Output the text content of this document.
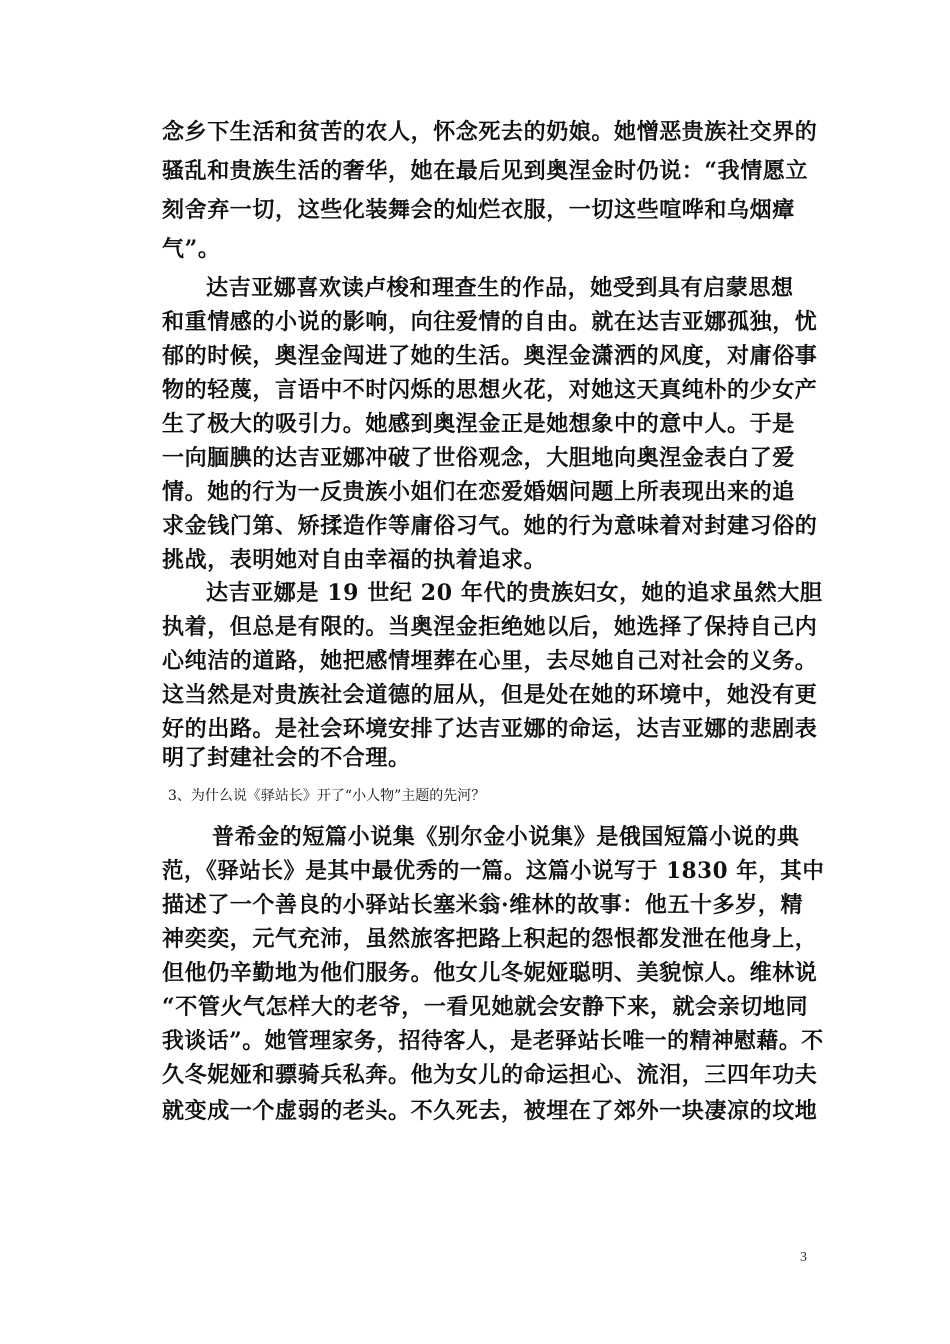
念乡下生活和贫苦的农人，怀念死去的奶娘。她憎恶贵族社交界的
骚乱和贵族生活的奢华，她在最后见到奥涅金时仍说：“我情愿立
刻舍弃一切，这些化装舞会的灿烂衣服，一切这些喧哗和乌烟瘴
气”。
达吉亚娜喜欢读卢梭和理查生的作品，她受到具有启蒙思想
和重情感的小说的影响，向往爱情的自由。就在达吉亚娜孤独，忧
郁的时候，奥涅金闯进了她的生活。奥涅金潇洒的风度，对庸俗事
物的轻蔑，言语中不时闪烁的思想火花，对她这天真纯朴的少女产
生了极大的吸引力。她感到奥涅金正是她想象中的意中人。于是
一向腼腆的达吉亚娜冲破了世俗观念，大胆地向奥涅金表白了爱
情。她的行为一反贵族小姐们在恋爱婚姻问题上所表现出来的追
求金钱门第、矫揉造作等庸俗习气。她的行为意味着对封建习俗的
挑战，表明她对自由幸福的执着追求。
达吉亚娜是 19 世纪 20 年代的贵族妇女，她的追求虽然大胆
执着，但总是有限的。当奥涅金拒绝她以后，她选择了保持自己内
心纯洁的道路，她把感情埋葬在心里，去尽她自己对社会的义务。
这当然是对贵族社会道德的屈从，但是处在她的环境中，她没有更
好的出路。是社会环境安排了达吉亚娜的命运，达吉亚娜的悲剧表
明了封建社会的不合理。
3、为什么说《驿站长》开了“小人物”主题的先河？
普希金的短篇小说集《别尔金小说集》是俄国短篇小说的典
范，《驿站长》是其中最优秀的一篇。这篇小说写于 1830 年，其中
描述了一个善良的小驿站长塞米翁·维林的故事：他五十多岁，精
神奕奕，元气充沛，虽然旅客把路上积起的怨恨都发泄在他身上，
但他仍辛勤地为他们服务。他女儿冬妮娅聪明、美貌惊人。维林说
“不管火气怎样大的老爷，一看见她就会安静下来，就会亲切地同
我谈话”。她管理家务，招待客人，是老驿站长唯一的精神慰藉。不
久冬妮娅和骠骑兵私奔。他为女儿的命运担心、流泪，三四年功夫
就变成一个虚弱的老头。不久死去，被埋在了郊外一块凄凉的坟地
3
